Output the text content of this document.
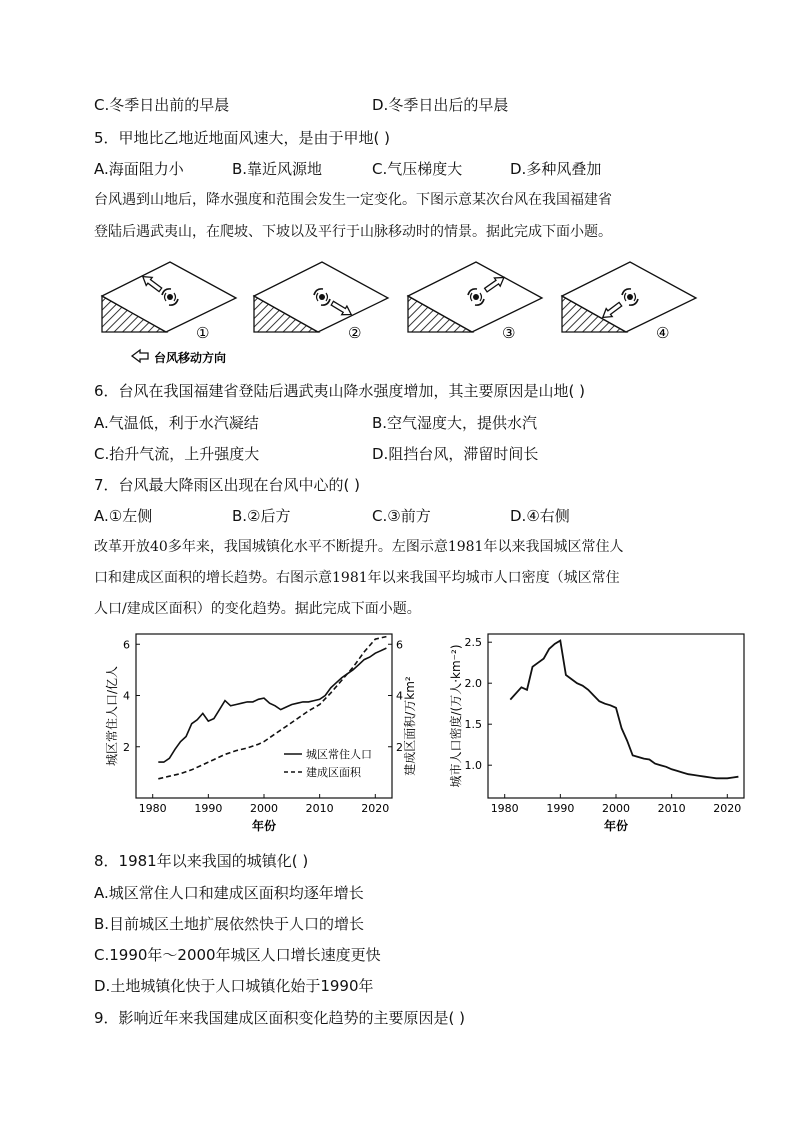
C.冬季日出前的早晨	D.冬季日出后的早晨
5．甲地比乙地近地面风速大，是由于甲地( )
A.海面阻力小	B.靠近风源地	C.气压梯度大	D.多种风叠加
台风遇到山地后，降水强度和范围会发生一定变化。下图示意某次台风在我国福建省
登陆后遇武夷山，在爬坡、下坡以及平行于山脉移动时的情景。据此完成下面小题。
①	②	③	④
台风移动方向
6．台风在我国福建省登陆后遇武夷山降水强度增加，其主要原因是山地( )
A.气温低，利于水汽凝结	B.空气湿度大，提供水汽
C.抬升气流，上升强度大	D.阻挡台风，滞留时间长
7．台风最大降雨区出现在台风中心的( )
A.①左侧	B.②后方	C.③前方	D.④右侧
改革开放40多年来，我国城镇化水平不断提升。左图示意1981年以来我国城区常住人
口和建成区面积的增长趋势。右图示意1981年以来我国平均城市人口密度（城区常住
人口/建成区面积）的变化趋势。据此完成下面小题。
1980	1990	2000	2010	2020
2
4
6
2
4
6
年份
城区常住人口/亿人	建成区面积/万km²
城区常住人口
建成区面积
1980	1990	2000	2010	2020
1.0
1.5
2.0
2.5
年份
城市人口密度/(万人·km⁻²)
8．1981年以来我国的城镇化( )
A.城区常住人口和建成区面积均逐年增长
B.目前城区土地扩展依然快于人口的增长
C.1990年～2000年城区人口增长速度更快
D.土地城镇化快于人口城镇化始于1990年
9．影响近年来我国建成区面积变化趋势的主要原因是( )
